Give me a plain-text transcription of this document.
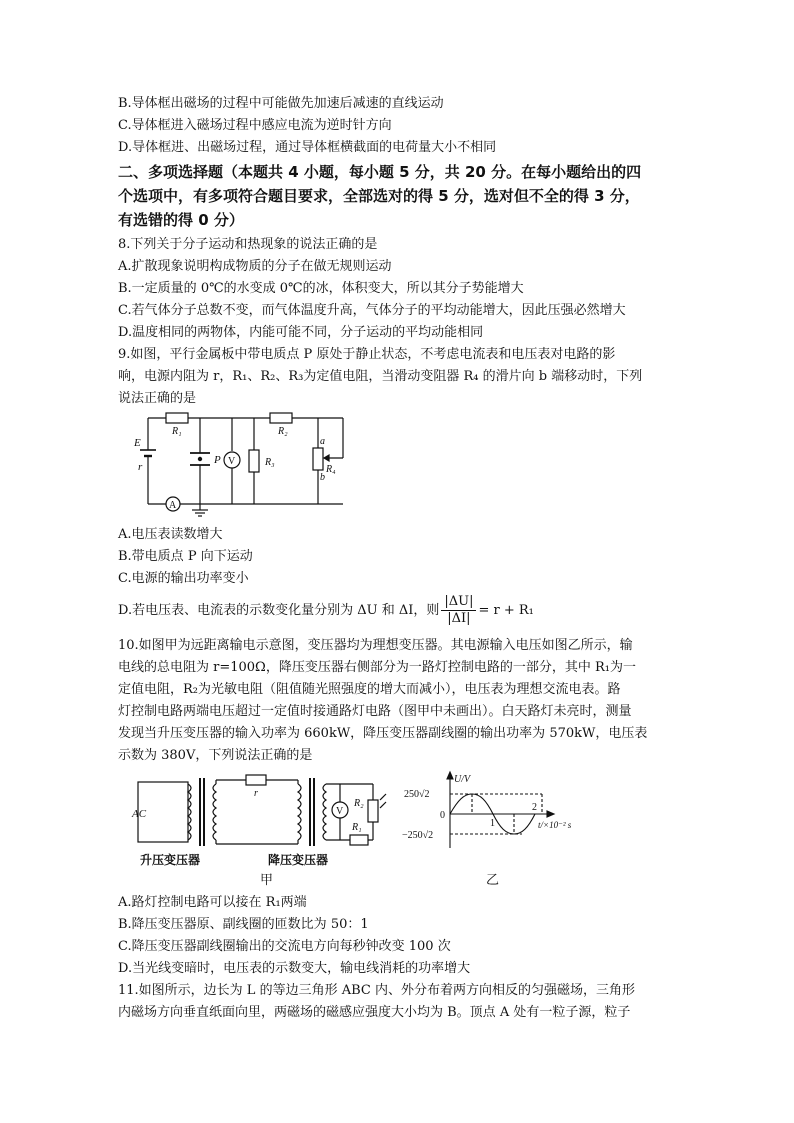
B.导体框出磁场的过程中可能做先加速后减速的直线运动
C.导体框进入磁场过程中感应电流为逆时针方向
D.导体框进、出磁场过程，通过导体框横截面的电荷量大小不相同
二、多项选择题（本题共 4 小题，每小题 5 分，共 20 分。在每小题给出的四
个选项中，有多项符合题目要求，全部选对的得 5 分，选对但不全的得 3 分，
有选错的得 0 分）
8.下列关于分子运动和热现象的说法正确的是
A.扩散现象说明构成物质的分子在做无规则运动
B.一定质量的 0℃的水变成 0℃的冰，体积变大，所以其分子势能增大
C.若气体分子总数不变，而气体温度升高，气体分子的平均动能增大，因此压强必然增大
D.温度相同的两物体，内能可能不同，分子运动的平均动能相同
9.如图，平行金属板中带电质点 P 原处于静止状态，不考虑电流表和电压表对电路的影
响，电源内阻为 r，R₁、R₂、R₃为定值电阻，当滑动变阻器 R₄ 的滑片向 b 端移动时，下列
说法正确的是
E
r
R₁
A
P V	R₃
R₂
a
b
R₄
A.电压表读数增大
B.带电质点 P 向下运动
C.电源的输出功率变小
D.若电压表、电流表的示数变化量分别为 ΔU 和 ΔI，则 $\frac{|\Delta U|}{|\Delta I|} = r + R_1$
10.如图甲为远距离输电示意图，变压器均为理想变压器。其电源输入电压如图乙所示，输
电线的总电阻为 r=100Ω，降压变压器右侧部分为一路灯控制电路的一部分，其中 R₁为一
定值电阻，R₂为光敏电阻（阻值随光照强度的增大而减小），电压表为理想交流电表。路
灯控制电路两端电压超过一定值时接通路灯电路（图甲中未画出）。白天路灯未亮时，测量
发现当升压变压器的输入功率为 660kW，降压变压器副线圈的输出功率为 570kW，电压表
示数为 380V，下列说法正确的是
AC
r
V
R₂
R₁
升压变压器	降压变压器
甲
U/V
250√2
0
−250√2
1
2
t/×10⁻² s
乙
A.路灯控制电路可以接在 R₁两端
B.降压变压器原、副线圈的匝数比为 50：1
C.降压变压器副线圈输出的交流电方向每秒钟改变 100 次
D.当光线变暗时，电压表的示数变大，输电线消耗的功率增大
11.如图所示，边长为 L 的等边三角形 ABC 内、外分布着两方向相反的匀强磁场，三角形
内磁场方向垂直纸面向里，两磁场的磁感应强度大小均为 B。顶点 A 处有一粒子源，粒子
